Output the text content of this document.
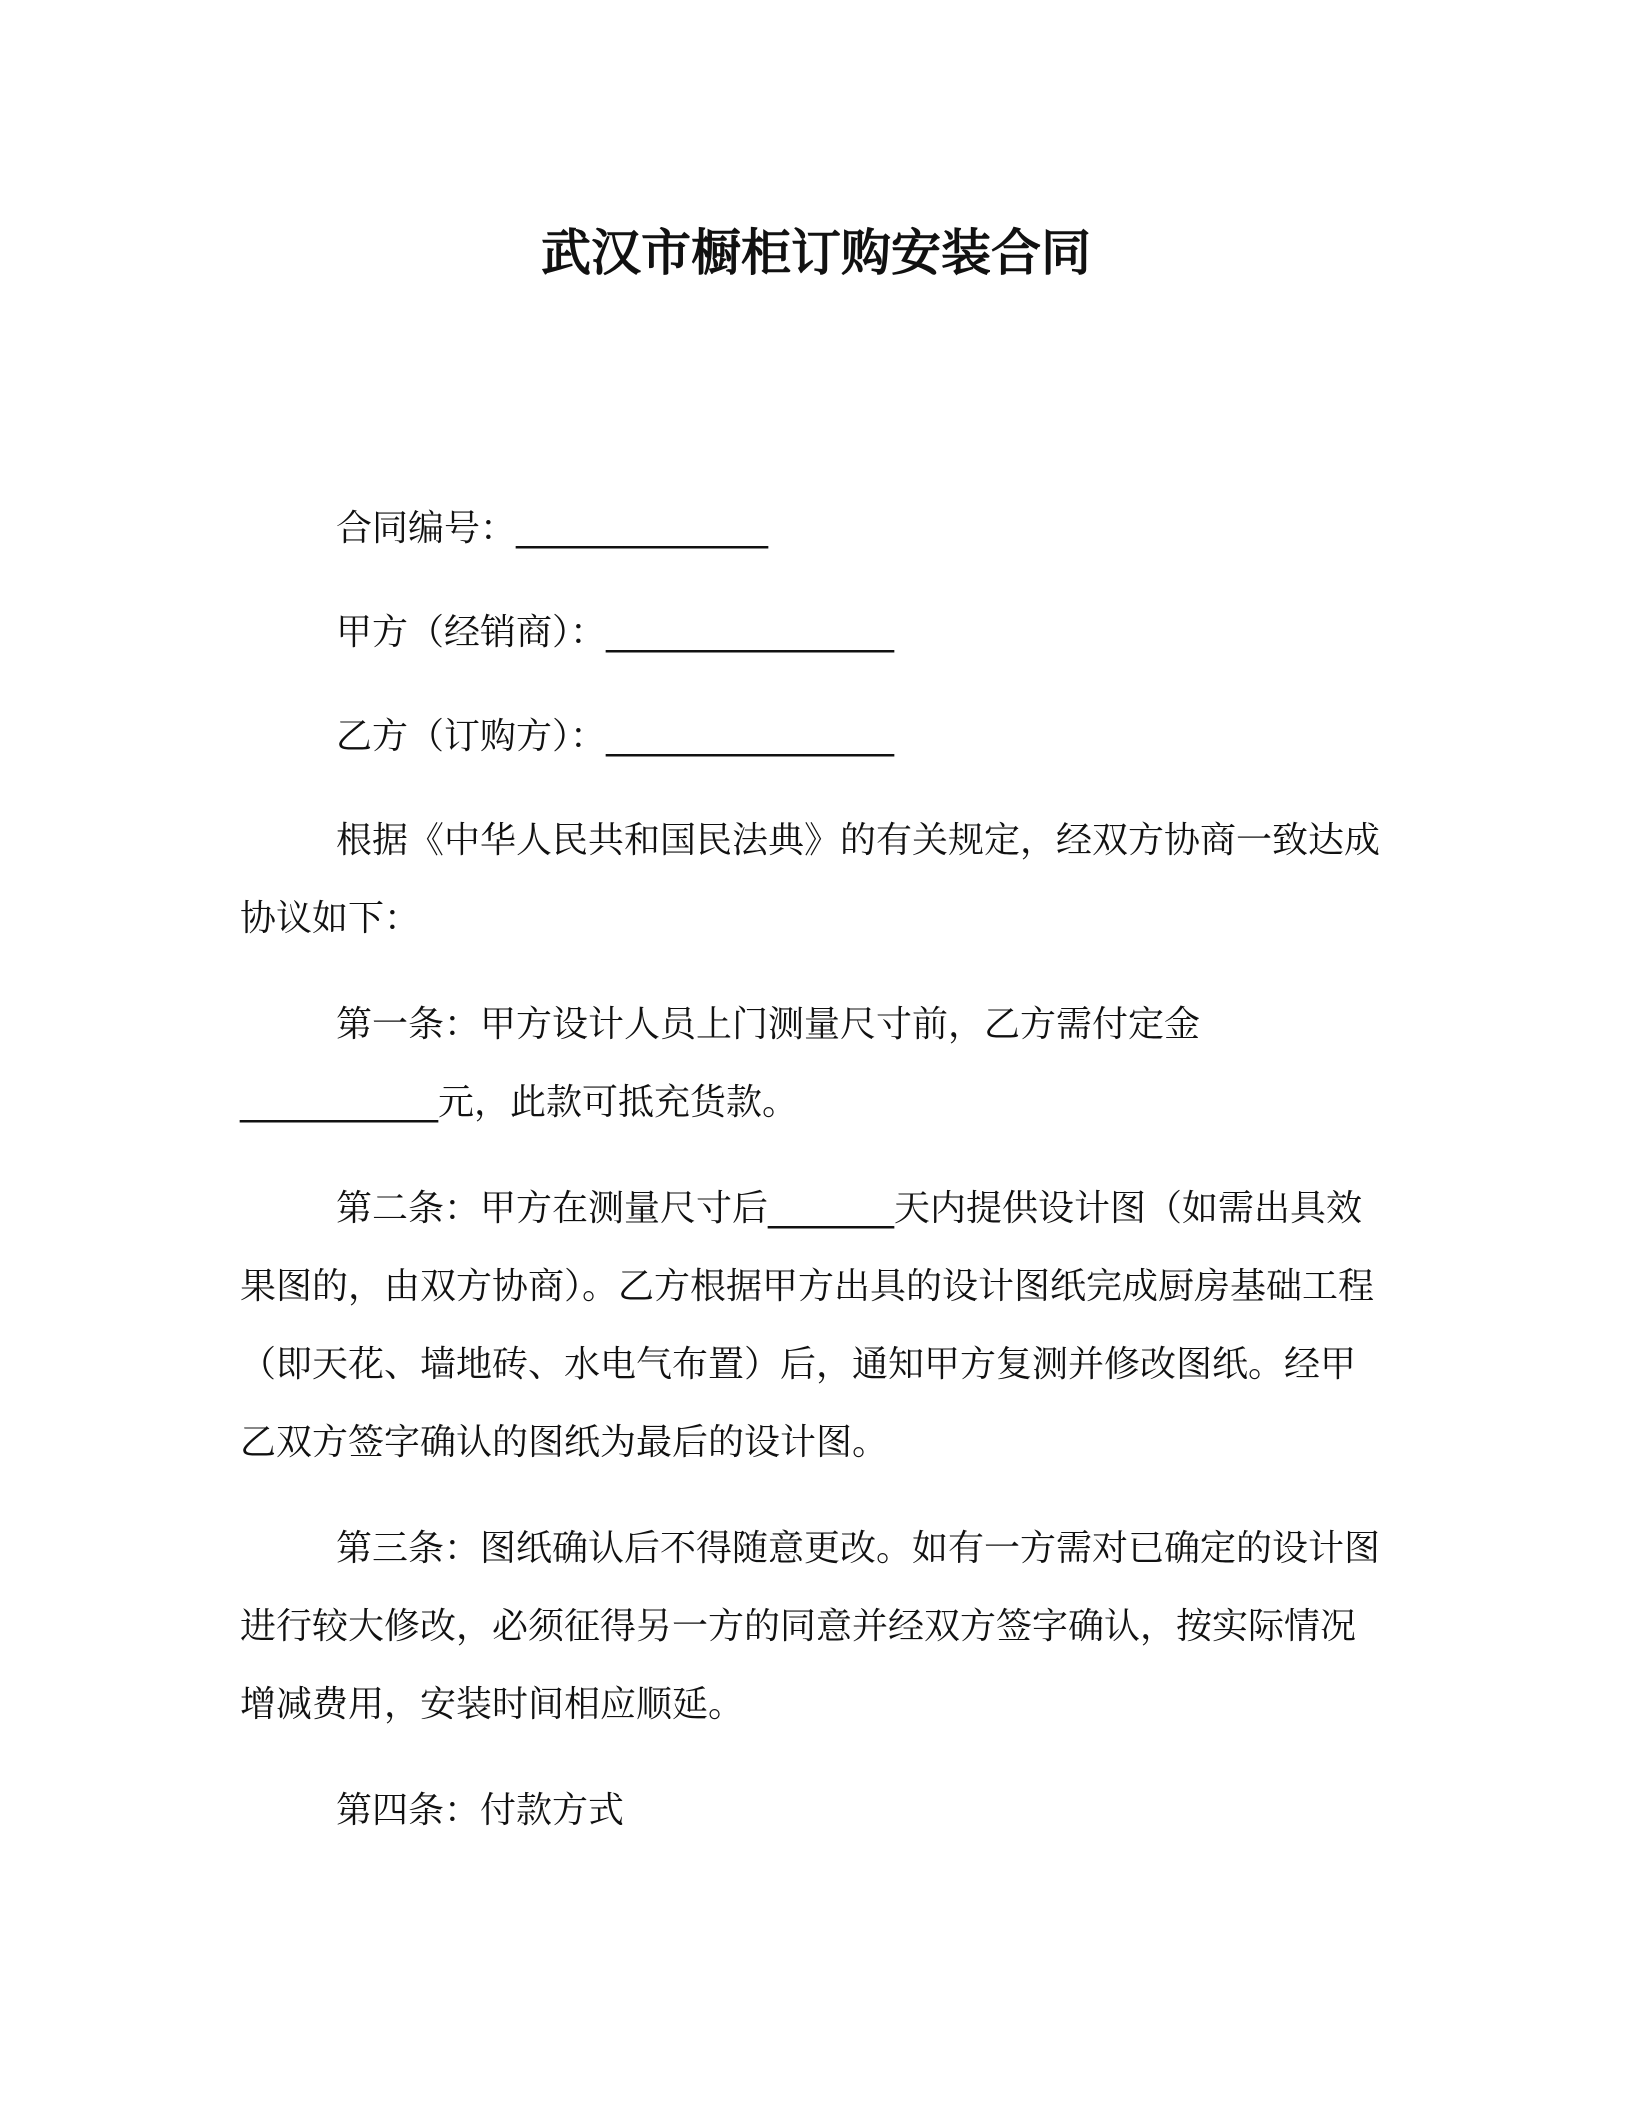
武汉市橱柜订购安装合同

合同编号：______________

甲方（经销商）：________________

乙方（订购方）：________________

根据《中华人民共和国民法典》的有关规定，经双方协商一致达成协议如下：

第一条：甲方设计人员上门测量尺寸前，乙方需付定金___________元，此款可抵充货款。

第二条：甲方在测量尺寸后_______天内提供设计图（如需出具效果图的，由双方协商）。乙方根据甲方出具的设计图纸完成厨房基础工程（即天花、墙地砖、水电气布置）后，通知甲方复测并修改图纸。经甲乙双方签字确认的图纸为最后的设计图。

第三条：图纸确认后不得随意更改。如有一方需对已确定的设计图进行较大修改，必须征得另一方的同意并经双方签字确认，按实际情况增减费用，安装时间相应顺延。

第四条：付款方式
